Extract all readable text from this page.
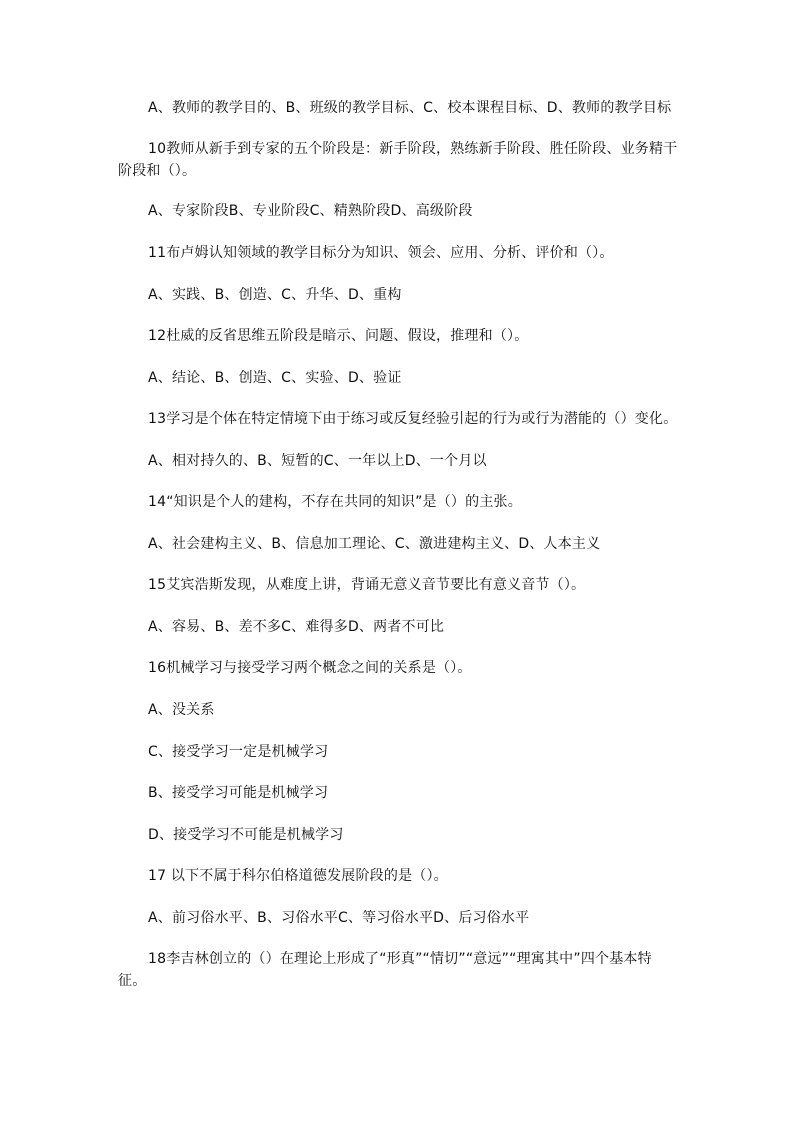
A、教师的教学目的、B、班级的教学目标、C、校本课程目标、D、教师的教学目标
10教师从新手到专家的五个阶段是：新手阶段，熟练新手阶段、胜任阶段、业务精干阶段和（）。
A、专家阶段B、专业阶段C、精熟阶段D、高级阶段
11布卢姆认知领域的教学目标分为知识、领会、应用、分析、评价和（）。
A、实践、B、创造、C、升华、D、重构
12杜威的反省思维五阶段是暗示、问题、假设，推理和（）。
A、结论、B、创造、C、实验、D、验证
13学习是个体在特定情境下由于练习或反复经验引起的行为或行为潜能的（）变化。
A、相对持久的、B、短暂的C、一年以上D、一个月以
14“知识是个人的建构，不存在共同的知识”是（）的主张。
A、社会建构主义、B、信息加工理论、C、激进建构主义、D、人本主义
15艾宾浩斯发现，从难度上讲，背诵无意义音节要比有意义音节（）。
A、容易、B、差不多C、难得多D、两者不可比
16机械学习与接受学习两个概念之间的关系是（）。
A、没关系
C、接受学习一定是机械学习
B、接受学习可能是机械学习
D、接受学习不可能是机械学习
17 以下不属于科尔伯格道德发展阶段的是（）。
A、前习俗水平、B、习俗水平C、等习俗水平D、后习俗水平
18李吉林创立的（）在理论上形成了“形真”“情切”“意远”“理寓其中”四个基本特征。
